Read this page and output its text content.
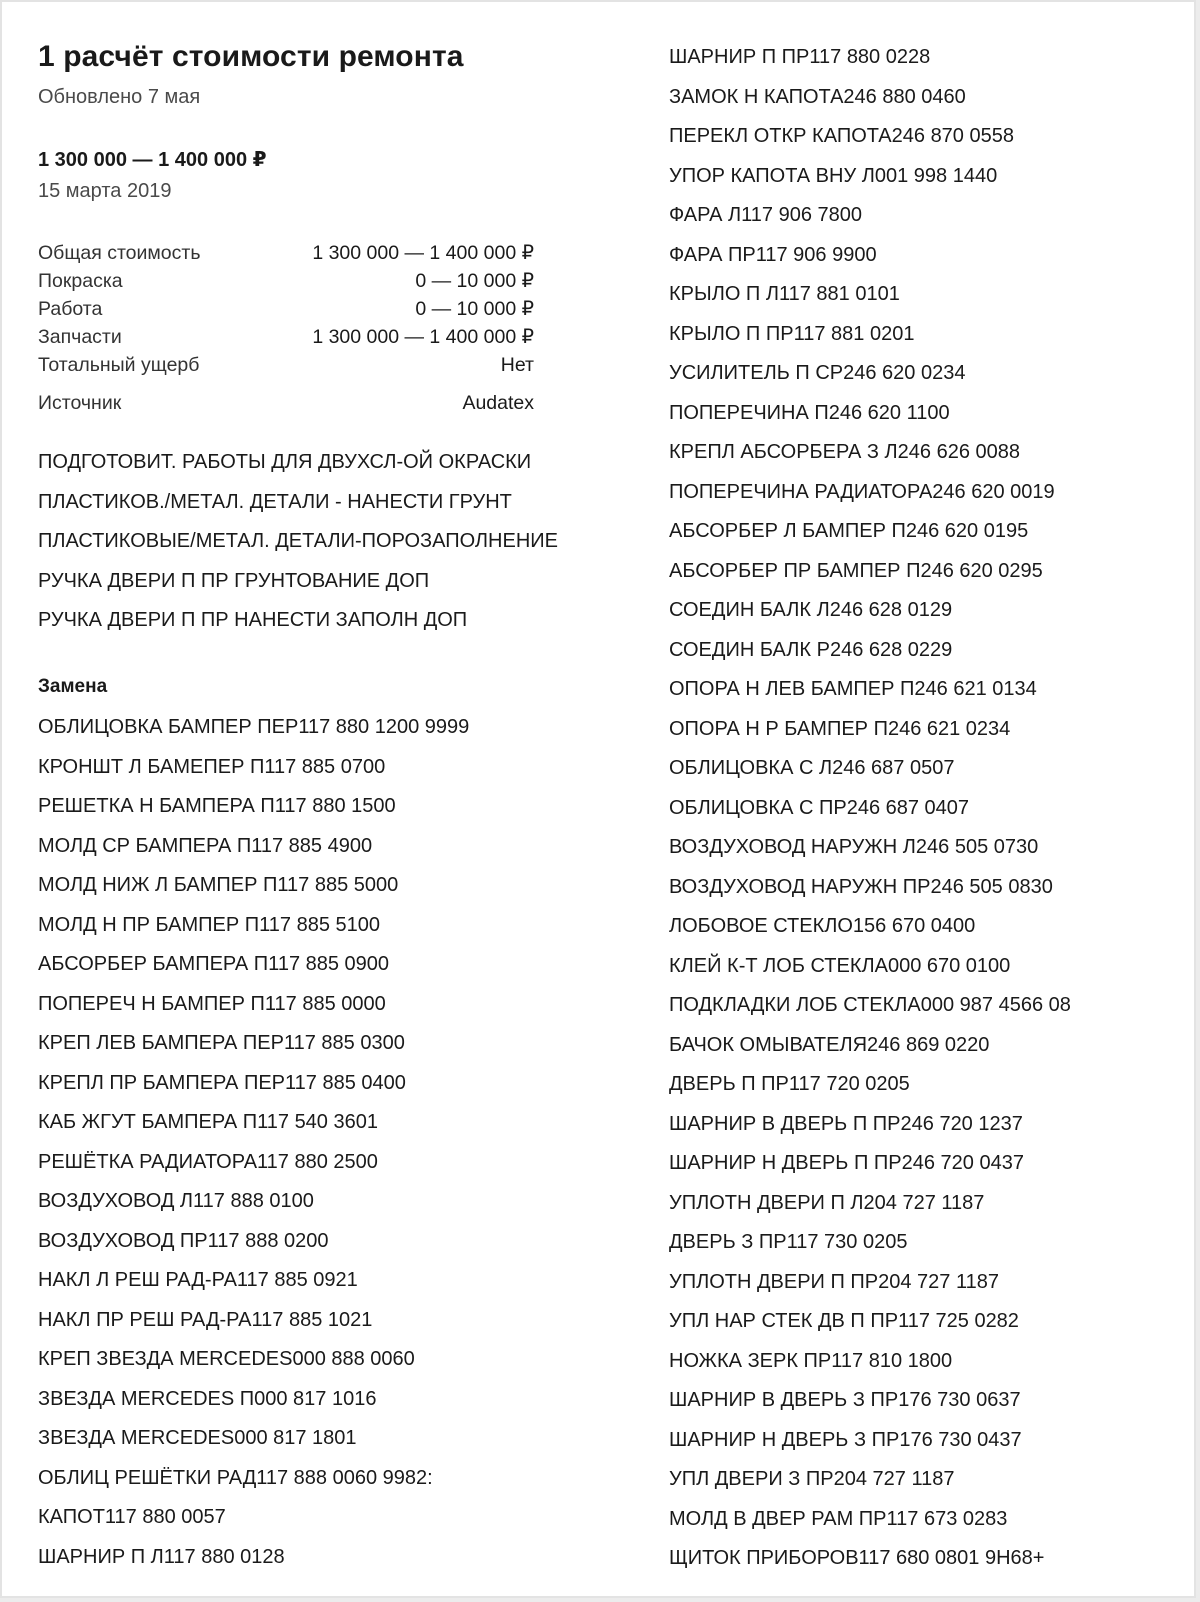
1 расчёт стоимости ремонта
Обновлено 7 мая
1 300 000 — 1 400 000 ₽
15 марта 2019
Общая стоимость	1 300 000 — 1 400 000 ₽
Покраска	0 — 10 000 ₽
Работа	0 — 10 000 ₽
Запчасти	1 300 000 — 1 400 000 ₽
Тотальный ущерб	Нет
Источник	Audatex
ПОДГОТОВИТ. РАБОТЫ ДЛЯ ДВУХСЛ-ОЙ ОКРАСКИ
ПЛАСТИКОВ./МЕТАЛ. ДЕТАЛИ - НАНЕСТИ ГРУНТ
ПЛАСТИКОВЫЕ/МЕТАЛ. ДЕТАЛИ-ПОРОЗАПОЛНЕНИЕ
РУЧКА ДВЕРИ П ПР ГРУНТОВАНИЕ ДОП
РУЧКА ДВЕРИ П ПР НАНЕСТИ ЗАПОЛН ДОП
Замена
ОБЛИЦОВКА БАМПЕР ПЕР117 880 1200 9999
КРОНШТ Л БАМЕПЕР П117 885 0700
РЕШЕТКА Н БАМПЕРА П117 880 1500
МОЛД СР БАМПЕРА П117 885 4900
МОЛД НИЖ Л БАМПЕР П117 885 5000
МОЛД Н ПР БАМПЕР П117 885 5100
АБСОРБЕР БАМПЕРА П117 885 0900
ПОПЕРЕЧ Н БАМПЕР П117 885 0000
КРЕП ЛЕВ БАМПЕРА ПЕР117 885 0300
КРЕПЛ ПР БАМПЕРА ПЕР117 885 0400
КАБ ЖГУТ БАМПЕРА П117 540 3601
РЕШЁТКА РАДИАТОРА117 880 2500
ВОЗДУХОВОД Л117 888 0100
ВОЗДУХОВОД ПР117 888 0200
НАКЛ Л РЕШ РАД-РА117 885 0921
НАКЛ ПР РЕШ РАД-РА117 885 1021
КРЕП ЗВЕЗДА MERCEDES000 888 0060
ЗВЕЗДА MERCEDES П000 817 1016
ЗВЕЗДА MERCEDES000 817 1801
ОБЛИЦ РЕШЁТКИ РАД117 888 0060 9982:
КАПОТ117 880 0057
ШАРНИР П Л117 880 0128
ШАРНИР П ПР117 880 0228
ЗАМОК Н КАПОТА246 880 0460
ПЕРЕКЛ ОТКР КАПОТА246 870 0558
УПОР КАПОТА ВНУ Л001 998 1440
ФАРА Л117 906 7800
ФАРА ПР117 906 9900
КРЫЛО П Л117 881 0101
КРЫЛО П ПР117 881 0201
УСИЛИТЕЛЬ П СР246 620 0234
ПОПЕРЕЧИНА П246 620 1100
КРЕПЛ АБСОРБЕРА З Л246 626 0088
ПОПЕРЕЧИНА РАДИАТОРА246 620 0019
АБСОРБЕР Л БАМПЕР П246 620 0195
АБСОРБЕР ПР БАМПЕР П246 620 0295
СОЕДИН БАЛК Л246 628 0129
СОЕДИН БАЛК Р246 628 0229
ОПОРА Н ЛЕВ БАМПЕР П246 621 0134
ОПОРА Н Р БАМПЕР П246 621 0234
ОБЛИЦОВКА С Л246 687 0507
ОБЛИЦОВКА С ПР246 687 0407
ВОЗДУХОВОД НАРУЖН Л246 505 0730
ВОЗДУХОВОД НАРУЖН ПР246 505 0830
ЛОБОВОЕ СТЕКЛО156 670 0400
КЛЕЙ К-Т ЛОБ СТЕКЛА000 670 0100
ПОДКЛАДКИ ЛОБ СТЕКЛА000 987 4566 08
БАЧОК ОМЫВАТЕЛЯ246 869 0220
ДВЕРЬ П ПР117 720 0205
ШАРНИР В ДВЕРЬ П ПР246 720 1237
ШАРНИР Н ДВЕРЬ П ПР246 720 0437
УПЛОТН ДВЕРИ П Л204 727 1187
ДВЕРЬ З ПР117 730 0205
УПЛОТН ДВЕРИ П ПР204 727 1187
УПЛ НАР СТЕК ДВ П ПР117 725 0282
НОЖКА ЗЕРК ПР117 810 1800
ШАРНИР В ДВЕРЬ З ПР176 730 0637
ШАРНИР Н ДВЕРЬ З ПР176 730 0437
УПЛ ДВЕРИ З ПР204 727 1187
МОЛД В ДВЕР РАМ ПР117 673 0283
ЩИТОК ПРИБОРОВ117 680 0801 9Н68+
